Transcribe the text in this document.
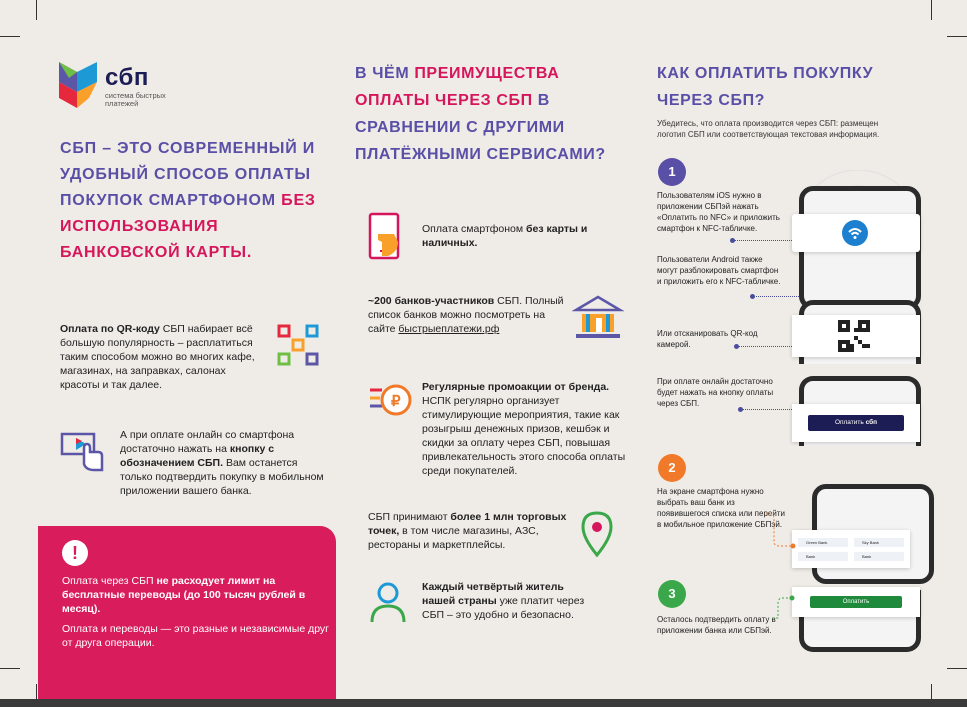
сбп
система быстрых платежей
СБП – ЭТО СОВРЕМЕННЫЙ И УДОБНЫЙ СПОСОБ ОПЛАТЫ ПОКУПОК СМАРТФОНОМ БЕЗ ИСПОЛЬЗОВАНИЯ БАНКОВСКОЙ КАРТЫ.
Оплата по QR-коду СБП набирает всё большую популярность – расплатиться таким способом можно во многих кафе, магазинах, на заправках, салонах красоты и так далее.
А при оплате онлайн со смартфона достаточно нажать на кнопку с обозначением СБП. Вам останется только подтвердить покупку в мобильном приложении вашего банка.
!
Оплата через СБП не расходует лимит на бесплатные переводы (до 100 тысяч рублей в месяц).
Оплата и переводы — это разные и независимые друг от друга операции.
В ЧЁМ ПРЕИМУЩЕСТВА ОПЛАТЫ ЧЕРЕЗ СБП В СРАВНЕНИИ С ДРУГИМИ ПЛАТЁЖНЫМИ СЕРВИСАМИ?
Оплата смартфоном без карты и наличных.
~200 банков-участников СБП. Полный список банков можно посмотреть на сайте быстрыеплатежи.рф
₽
Регулярные промоакции от бренда. НСПК регулярно организует стимулирующие мероприятия, такие как розыгрыш денежных призов, кешбэк и скидки за оплату через СБП, повышая привлекательность этого способа оплаты среди покупателей.
СБП принимают более 1 млн торговых точек, в том числе магазины, АЗС, рестораны и маркетплейсы.
Каждый четвёртый житель нашей страны уже платит через СБП – это удобно и безопасно.
КАК ОПЛАТИТЬ ПОКУПКУ ЧЕРЕЗ СБП?
Убедитесь, что оплата производится через СБП: размещен логотип СБП или соответствующая текстовая информация.
1
Пользователям iOS нужно в приложении СБПэй нажать «Оплатить по NFC» и приложить смартфон к NFC-табличке.
Пользователи Android также могут разблокировать смартфон и приложить его к NFC-табличке.
Или отсканировать QR-код камерой.
Оплатить сбп
При оплате онлайн достаточно будет нажать на кнопку оплаты через СБП.
2
На экране смартфона нужно выбрать ваш банк из появившегося списка или перейти в мобильное приложение СБПэй.
Green Bank	Sky Bank
Bank	Bank
3
Осталось подтвердить оплату в приложении банка или СБПэй.
Оплатить
